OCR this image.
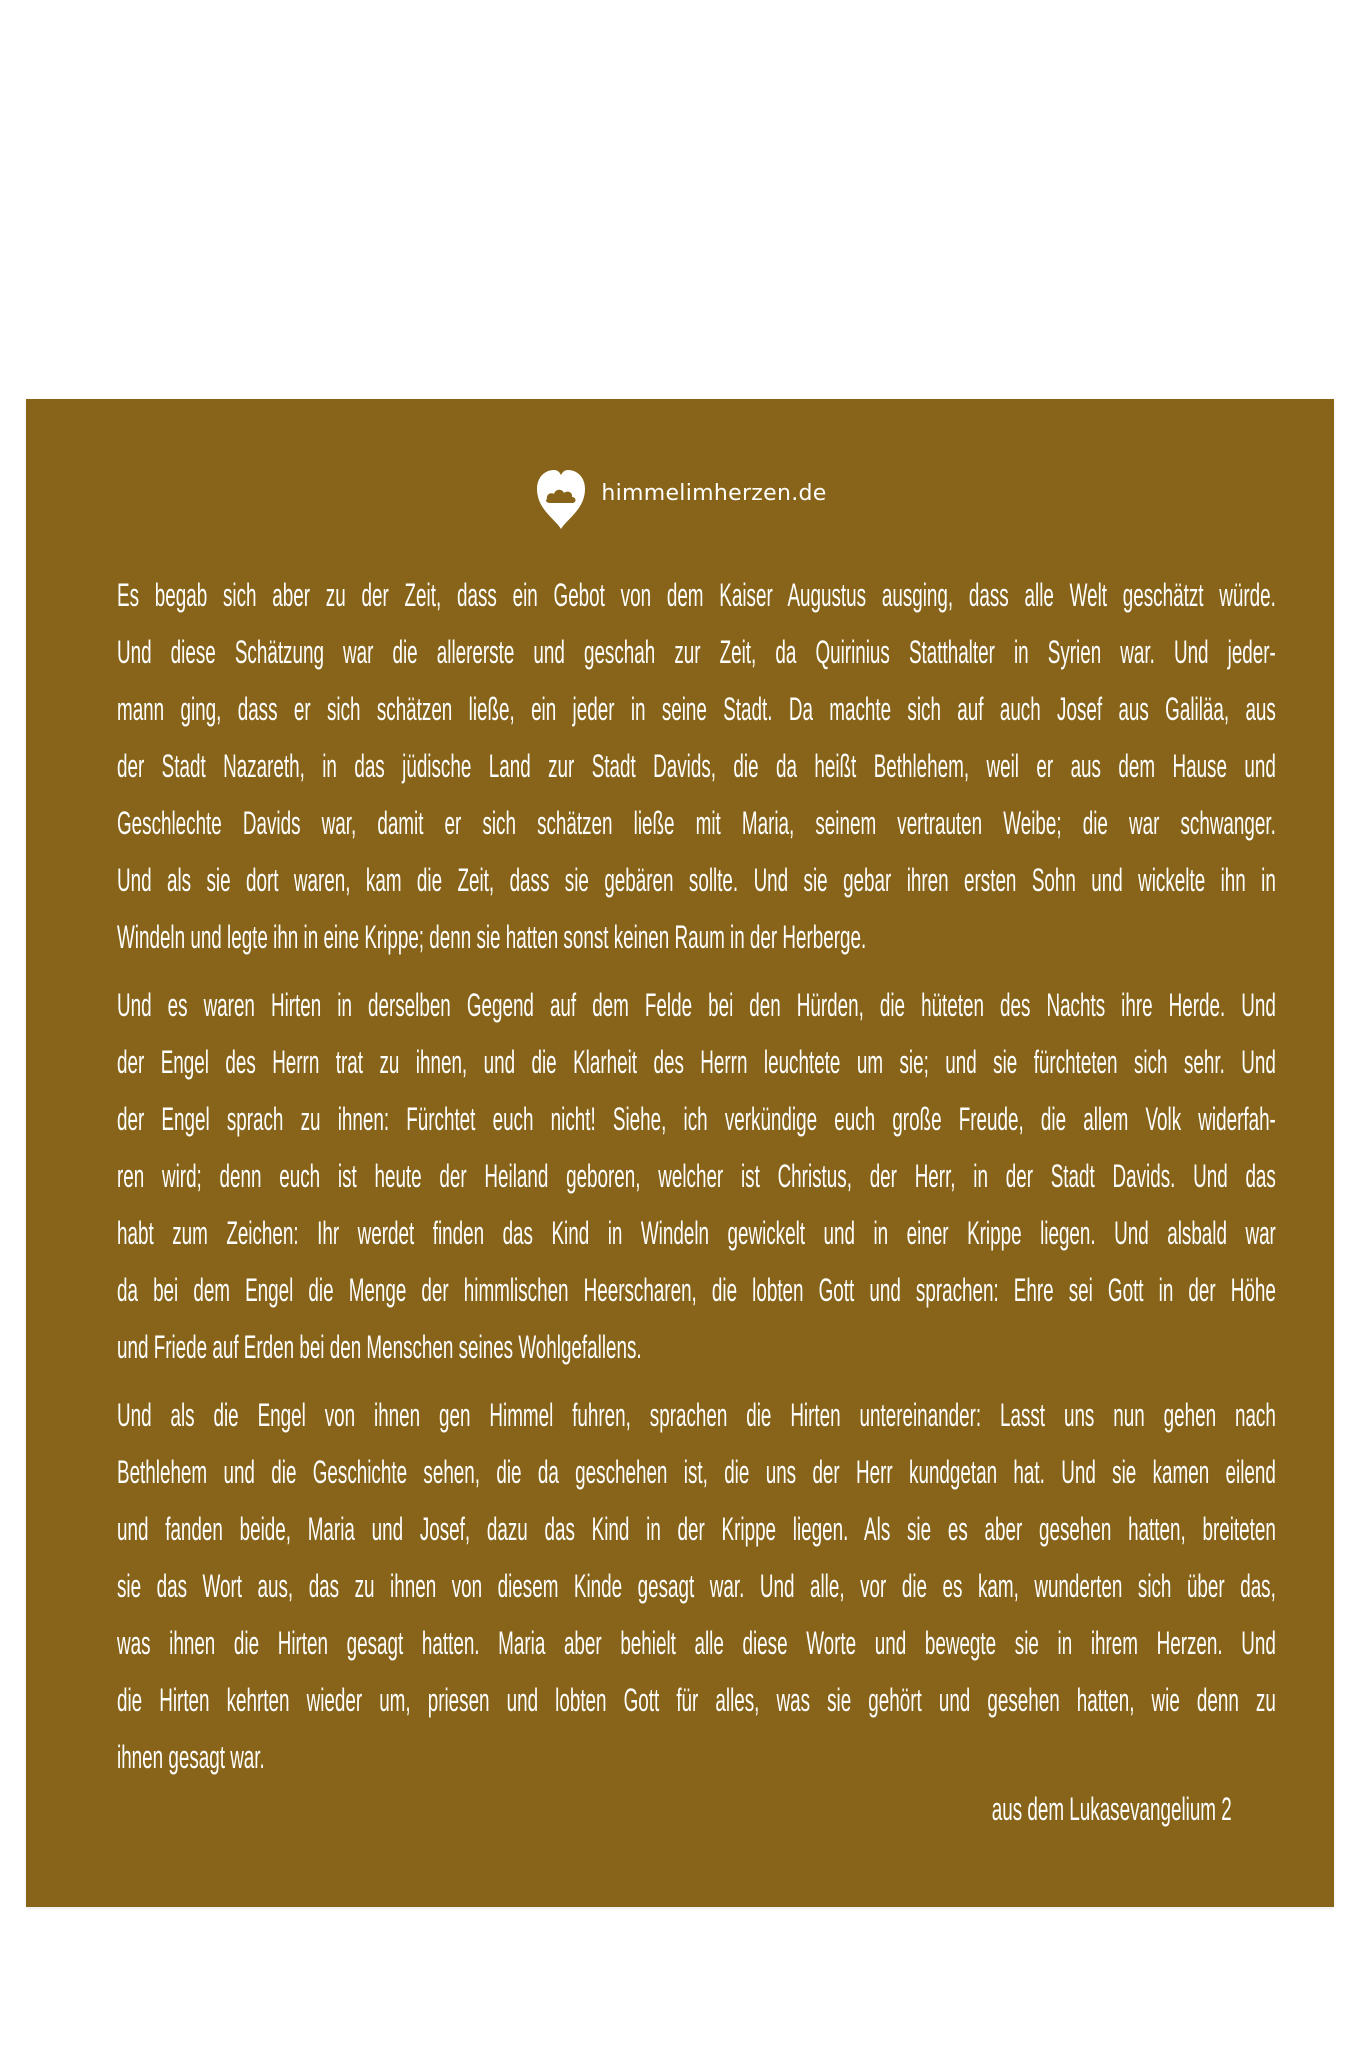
himmelimherzen.de
Es begab sich aber zu der Zeit, dass ein Gebot von dem Kaiser Augustus ausging, dass alle Welt geschätzt würde.
Und diese Schätzung war die allererste und geschah zur Zeit, da Quirinius Statthalter in Syrien war. Und jeder-
mann ging, dass er sich schätzen ließe, ein jeder in seine Stadt. Da machte sich auf auch Josef aus Galiläa, aus
der Stadt Nazareth, in das jüdische Land zur Stadt Davids, die da heißt Bethlehem, weil er aus dem Hause und
Geschlechte Davids war, damit er sich schätzen ließe mit Maria, seinem vertrauten Weibe; die war schwanger.
Und als sie dort waren, kam die Zeit, dass sie gebären sollte. Und sie gebar ihren ersten Sohn und wickelte ihn in
Windeln und legte ihn in eine Krippe; denn sie hatten sonst keinen Raum in der Herberge.
Und es waren Hirten in derselben Gegend auf dem Felde bei den Hürden, die hüteten des Nachts ihre Herde. Und
der Engel des Herrn trat zu ihnen, und die Klarheit des Herrn leuchtete um sie; und sie fürchteten sich sehr. Und
der Engel sprach zu ihnen: Fürchtet euch nicht! Siehe, ich verkündige euch große Freude, die allem Volk widerfah-
ren wird; denn euch ist heute der Heiland geboren, welcher ist Christus, der Herr, in der Stadt Davids. Und das
habt zum Zeichen: Ihr werdet finden das Kind in Windeln gewickelt und in einer Krippe liegen. Und alsbald war
da bei dem Engel die Menge der himmlischen Heerscharen, die lobten Gott und sprachen: Ehre sei Gott in der Höhe
und Friede auf Erden bei den Menschen seines Wohlgefallens.
Und als die Engel von ihnen gen Himmel fuhren, sprachen die Hirten untereinander: Lasst uns nun gehen nach
Bethlehem und die Geschichte sehen, die da geschehen ist, die uns der Herr kundgetan hat. Und sie kamen eilend
und fanden beide, Maria und Josef, dazu das Kind in der Krippe liegen. Als sie es aber gesehen hatten, breiteten
sie das Wort aus, das zu ihnen von diesem Kinde gesagt war. Und alle, vor die es kam, wunderten sich über das,
was ihnen die Hirten gesagt hatten. Maria aber behielt alle diese Worte und bewegte sie in ihrem Herzen. Und
die Hirten kehrten wieder um, priesen und lobten Gott für alles, was sie gehört und gesehen hatten, wie denn zu
ihnen gesagt war.
aus dem Lukasevangelium 2
